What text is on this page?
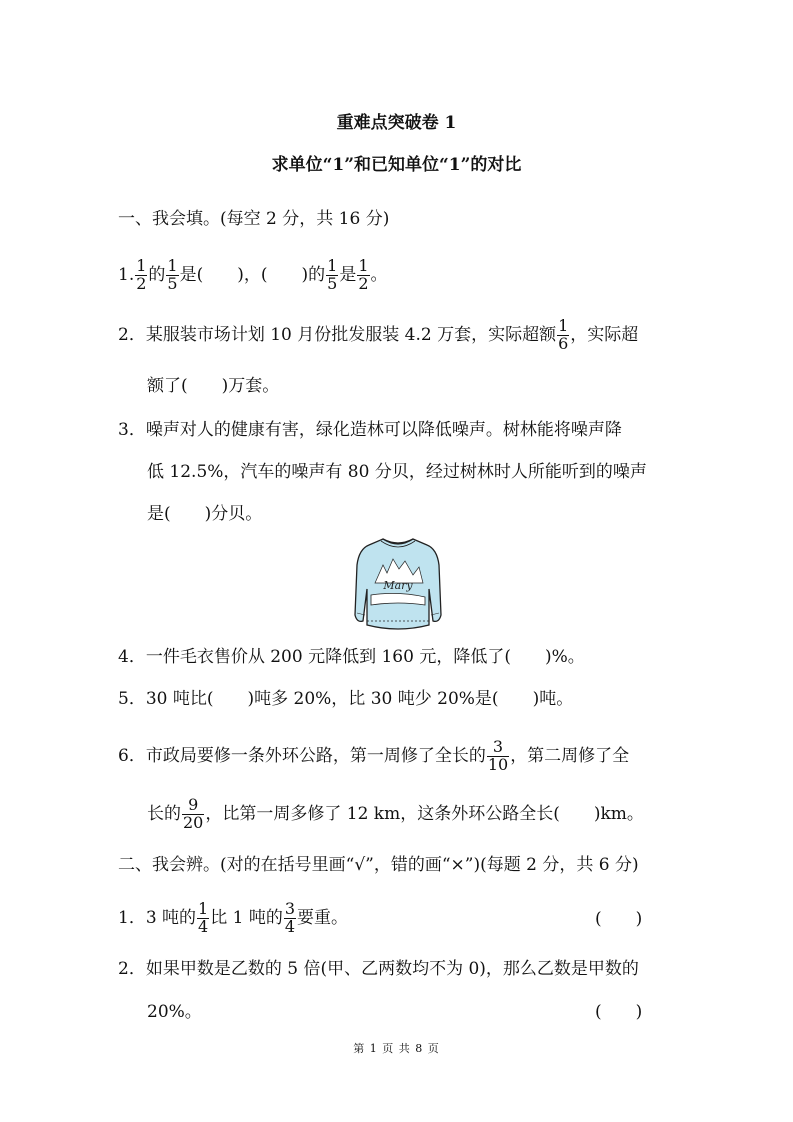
重难点突破卷 1
求单位“1”和已知单位“1”的对比
一、我会填。(每空 2 分，共 16 分)
1. $\frac{1}{2}$ 的 $\frac{1}{5}$ 是(　　)，(　　)的 $\frac{1}{5}$ 是 $\frac{1}{2}$ 。
2．某服装市场计划 10 月份批发服装 4.2 万套，实际超额 $\frac{1}{6}$ ，实际超
额了(　　)万套。
3．噪声对人的健康有害，绿化造林可以降低噪声。树林能将噪声降
低 12.5%，汽车的噪声有 80 分贝，经过树林时人所能听到的噪声
是(　　)分贝。
Mary
4．一件毛衣售价从 200 元降低到 160 元，降低了(　　)%。
5．30 吨比(　　)吨多 20%，比 30 吨少 20%是(　　)吨。
6．市政局要修一条外环公路，第一周修了全长的 $\frac{3}{10}$ ，第二周修了全
长的 $\frac{9}{20}$ ，比第一周多修了 12 km，这条外环公路全长(　　)km。
二、我会辨。(对的在括号里画“√”，错的画“×”)(每题 2 分，共 6 分)
1．3 吨的 $\frac{1}{4}$ 比 1 吨的 $\frac{3}{4}$ 要重。	(　　)
2．如果甲数是乙数的 5 倍(甲、乙两数均不为 0)，那么乙数是甲数的
20%。	(　　)
第 1 页 共 8 页
